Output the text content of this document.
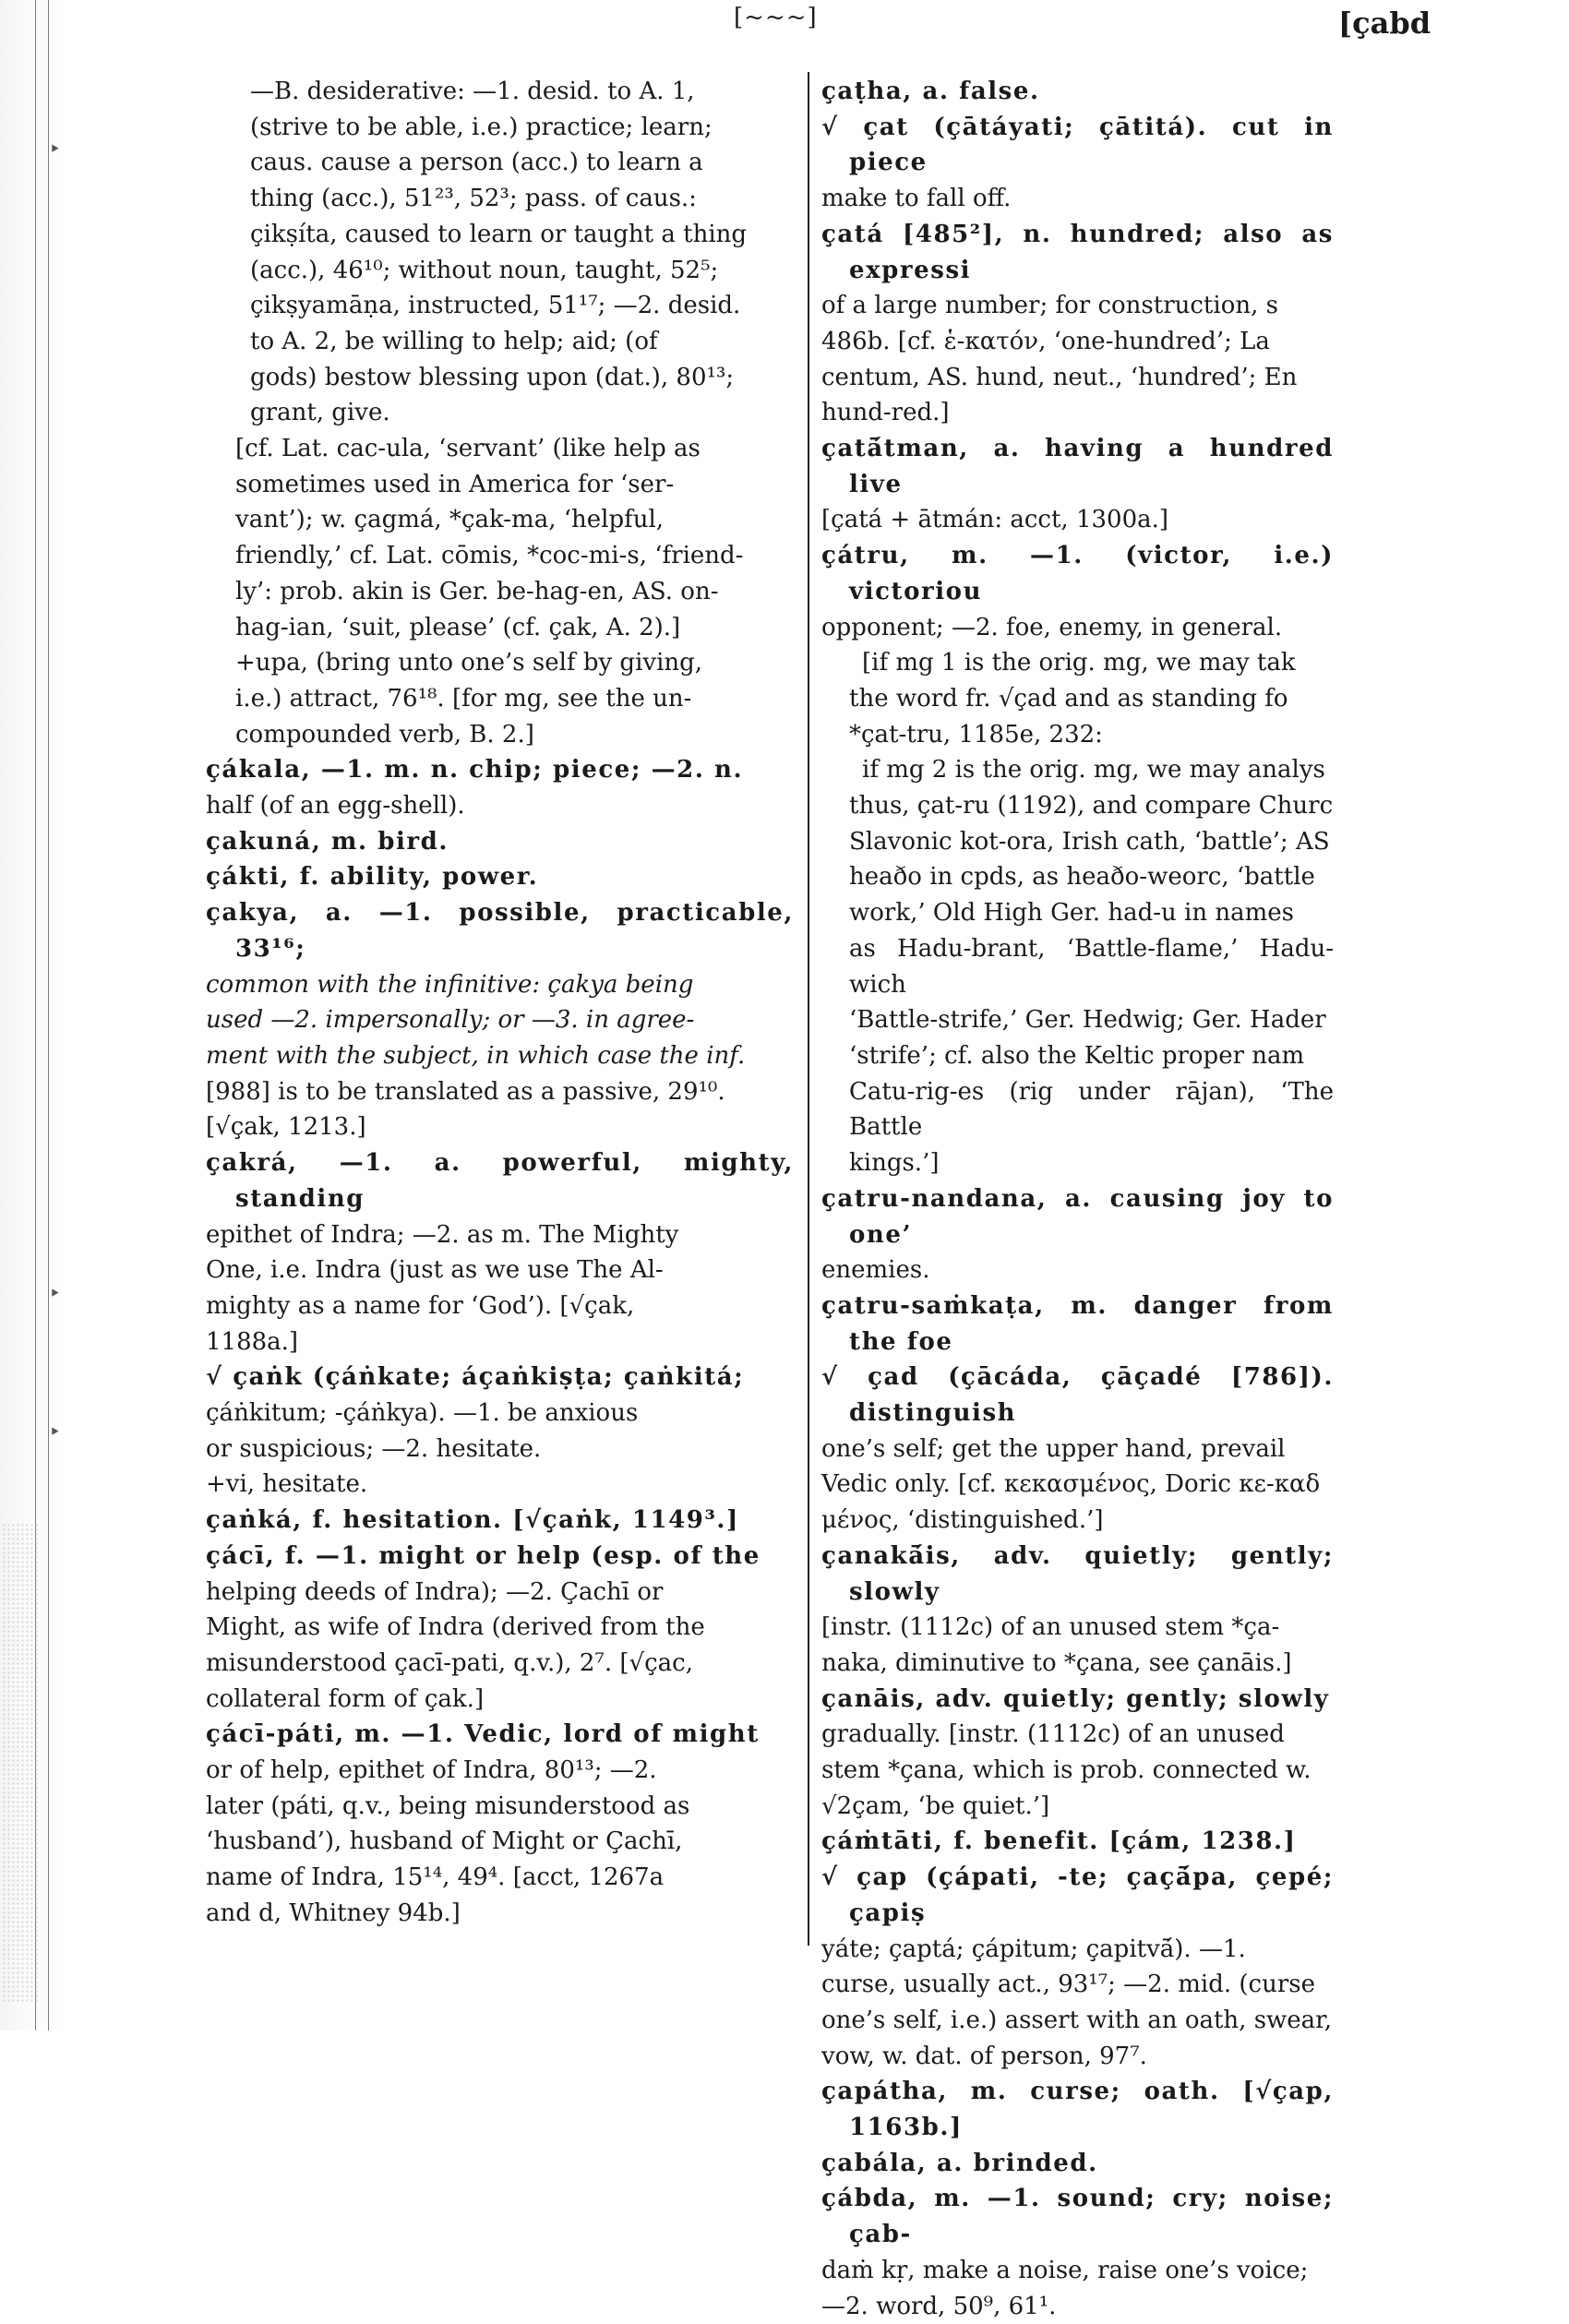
‣
‣
‣
[~~~]	[çabd
—B. desiderative: —1. desid. to A. 1,
(strive to be able, i.e.) practice; learn;
caus. cause a person (acc.) to learn a
thing (acc.), 51²³, 52³; pass. of caus.:
çikṣíta, caused to learn or taught a thing
(acc.), 46¹⁰; without noun, taught, 52⁵;
çikṣyamāṇa, instructed, 51¹⁷; —2. desid.
to A. 2, be willing to help; aid; (of
gods) bestow blessing upon (dat.), 80¹³;
grant, give.
[cf. Lat. cac-ula, ‘servant’ (like help as
sometimes used in America for ‘ser-
vant’); w. çagmá, *çak-ma, ‘helpful,
friendly,’ cf. Lat. cōmis, *coc-mi-s, ‘friend-
ly’: prob. akin is Ger. be-hag-en, AS. on-
hag-ian, ‘suit, please’ (cf. çak, A. 2).]
+upa, (bring unto one’s self by giving,
i.e.) attract, 76¹⁸. [for mg, see the un-
compounded verb, B. 2.]
çákala, —1. m. n. chip; piece; —2. n.
half (of an egg-shell).
çakuná, m. bird.
çákti, f. ability, power.
çakya, a. —1. possible, practicable, 33¹⁶;
common with the infinitive: çakya being
used —2. impersonally; or —3. in agree-
ment with the subject, in which case the inf.
[988] is to be translated as a passive, 29¹⁰.
[√çak, 1213.]
çakrá, —1. a. powerful, mighty, standing
epithet of Indra; —2. as m. The Mighty
One, i.e. Indra (just as we use The Al-
mighty as a name for ‘God’). [√çak,
1188a.]
√ çaṅk (çáṅkate; áçaṅkiṣṭa; çaṅkitá;
çáṅkitum; -çáṅkya). —1. be anxious
or suspicious; —2. hesitate.
+vi, hesitate.
çaṅká, f. hesitation. [√çaṅk, 1149³.]
çácī, f. —1. might or help (esp. of the
helping deeds of Indra); —2. Çachī or
Might, as wife of Indra (derived from the
misunderstood çacī-pati, q.v.), 2⁷. [√çac,
collateral form of çak.]
çácī-páti, m. —1. Vedic, lord of might
or of help, epithet of Indra, 80¹³; —2.
later (páti, q.v., being misunderstood as
‘husband’), husband of Might or Çachī,
name of Indra, 15¹⁴, 49⁴. [acct, 1267a
and d, Whitney 94b.]
çaṭha, a. false.
√ çat (çātáyati; çātitá). cut in piece
make to fall off.
çatá [485²], n. hundred; also as expressi
of a large number; for construction, s
486b. [cf. ἑ-κατόν, ‘one-hundred’; La
centum, AS. hund, neut., ‘hundred’; En
hund-red.]
çatā́tman, a. having a hundred live
[çatá + ātmán: acct, 1300a.]
çátru, m. —1. (victor, i.e.) victoriou
opponent; —2. foe, enemy, in general.
[if mg 1 is the orig. mg, we may tak
the word fr. √çad and as standing fo
*çat-tru, 1185e, 232:
if mg 2 is the orig. mg, we may analys
thus, çat-ru (1192), and compare Churc
Slavonic kot-ora, Irish cath, ‘battle’; AS
heaðo in cpds, as heaðo-weorc, ‘battle
work,’ Old High Ger. had-u in names
as Hadu-brant, ‘Battle-flame,’ Hadu-wich
‘Battle-strife,’ Ger. Hedwig; Ger. Hader
‘strife’; cf. also the Keltic proper nam
Catu-rig-es (rig under rājan), ‘The Battle
kings.’]
çatru-nandana, a. causing joy to one’
enemies.
çatru-saṁkaṭa, m. danger from the foe
√ çad (çācáda, çāçadé [786]). distinguish
one’s self; get the upper hand, prevail
Vedic only. [cf. κεκασμένος, Doric κε-καδ
μένος, ‘distinguished.’]
çanakā́is, adv. quietly; gently; slowly
[instr. (1112c) of an unused stem *ça-
naka, diminutive to *çana, see çanāis.]
çanāis, adv. quietly; gently; slowly
gradually. [instr. (1112c) of an unused
stem *çana, which is prob. connected w.
√2çam, ‘be quiet.’]
çáṁtāti, f. benefit. [çám, 1238.]
√ çap (çápati, -te; çaçā́pa, çepé; çapiṣ
yáte; çaptá; çápitum; çapitvā́). —1.
curse, usually act., 93¹⁷; —2. mid. (curse
one’s self, i.e.) assert with an oath, swear,
vow, w. dat. of person, 97⁷.
çapátha, m. curse; oath. [√çap, 1163b.]
çabála, a. brinded.
çábda, m. —1. sound; cry; noise; çab-
daṁ kṛ, make a noise, raise one’s voice;
—2. word, 50⁹, 61¹.
